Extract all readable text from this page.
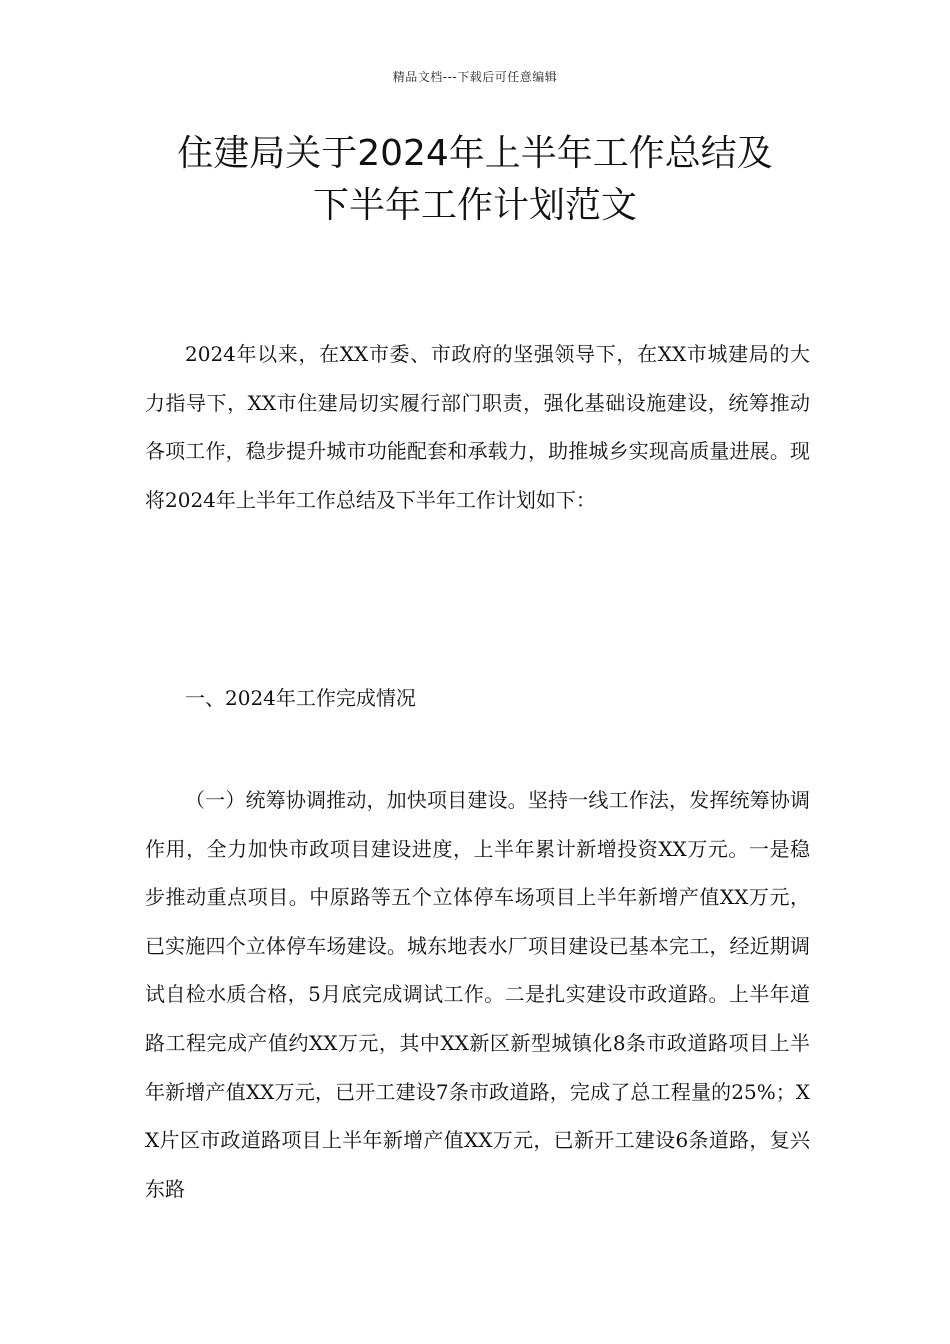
精品文档---下载后可任意编辑
住建局关于2024年上半年工作总结及
下半年工作计划范文

2024年以来，在XX市委、市政府的坚强领导下，在XX市城建局的大力指导下，XX市住建局切实履行部门职责，强化基础设施建设，统筹推动各项工作，稳步提升城市功能配套和承载力，助推城乡实现高质量进展。现将2024年上半年工作总结及下半年工作计划如下：

一、2024年工作完成情况

（一）统筹协调推动，加快项目建设。坚持一线工作法，发挥统筹协调作用，全力加快市政项目建设进度，上半年累计新增投资XX万元。一是稳步推动重点项目。中原路等五个立体停车场项目上半年新增产值XX万元，已实施四个立体停车场建设。城东地表水厂项目建设已基本完工，经近期调试自检水质合格，5月底完成调试工作。二是扎实建设市政道路。上半年道路工程完成产值约XX万元，其中XX新区新型城镇化8条市政道路项目上半年新增产值XX万元，已开工建设7条市政道路，完成了总工程量的25%；XX片区市政道路项目上半年新增产值XX万元，已新开工建设6条道路，复兴东路
